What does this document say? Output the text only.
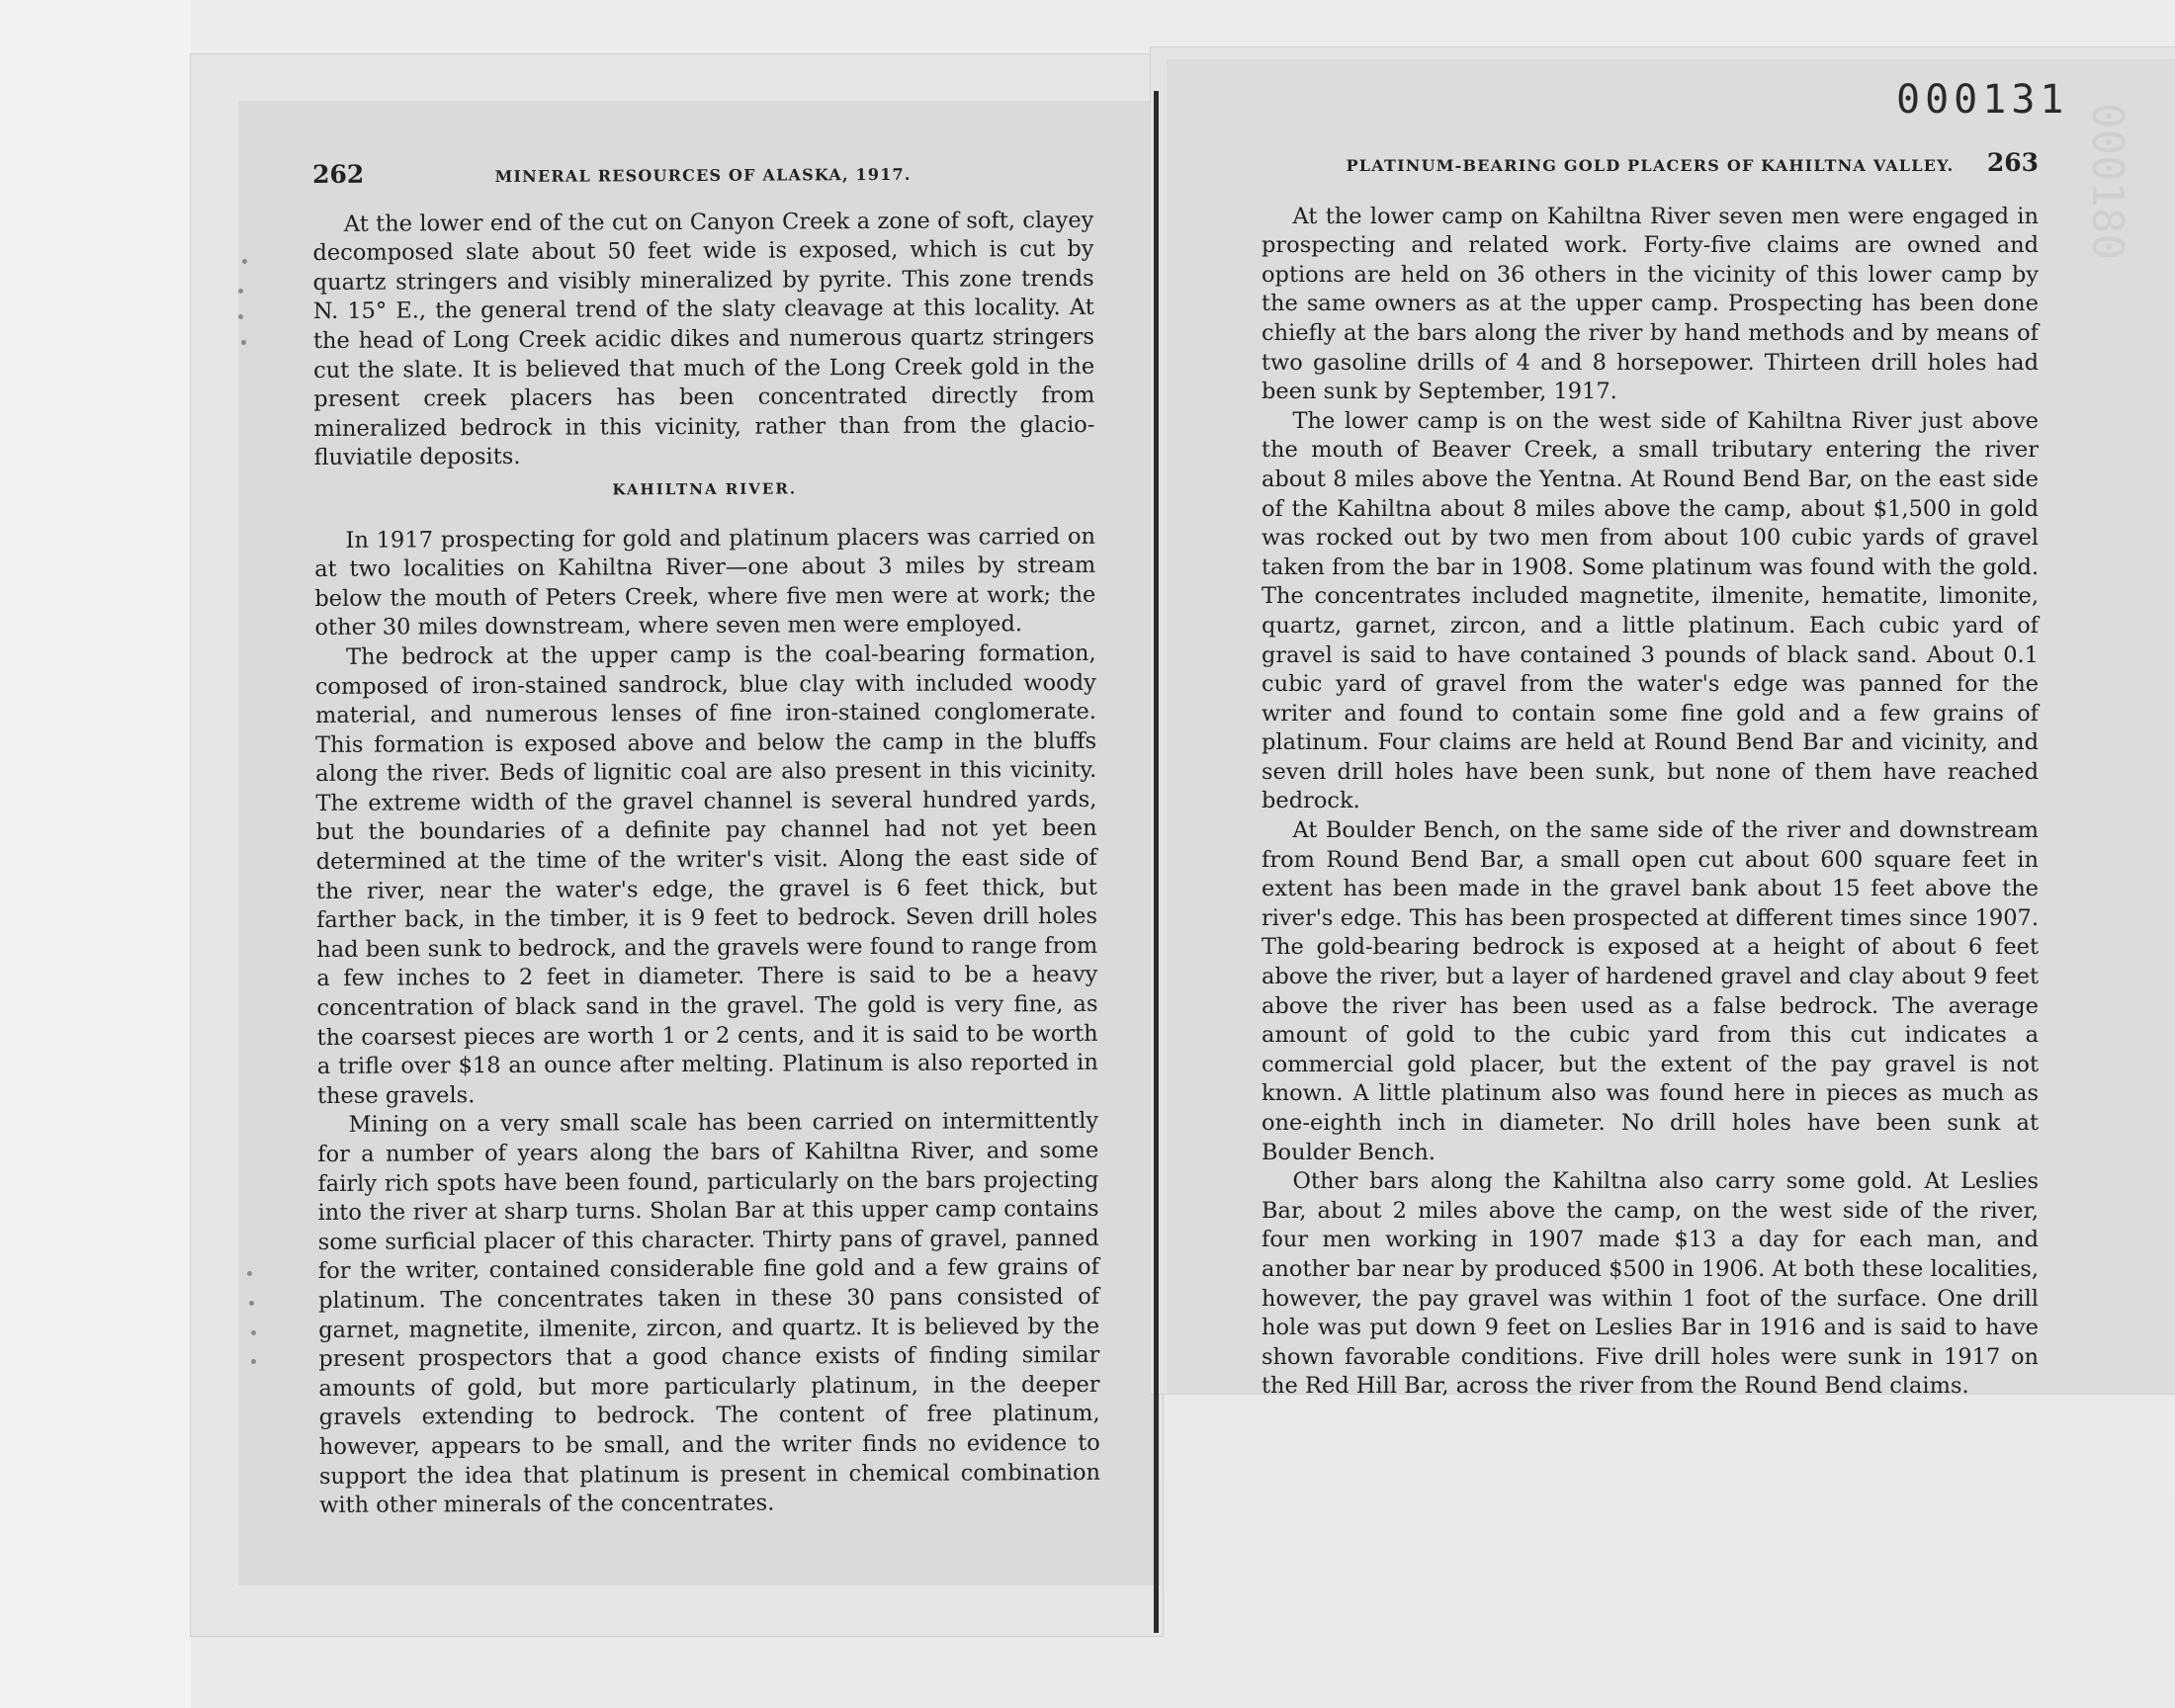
000131
000180
262	MINERAL RESOURCES OF ALASKA, 1917.

At the lower end of the cut on Canyon Creek a zone of soft, clayey decomposed slate about 50 feet wide is exposed, which is cut by quartz stringers and visibly mineralized by pyrite. This zone trends N. 15° E., the general trend of the slaty cleavage at this locality. At the head of Long Creek acidic dikes and numerous quartz stringers cut the slate. It is believed that much of the Long Creek gold in the present creek placers has been concentrated directly from mineralized bedrock in this vicinity, rather than from the glacio-fluviatile deposits.

KAHILTNA RIVER.

In 1917 prospecting for gold and platinum placers was carried on at two localities on Kahiltna River—one about 3 miles by stream below the mouth of Peters Creek, where five men were at work; the other 30 miles downstream, where seven men were employed.

The bedrock at the upper camp is the coal-bearing formation, composed of iron-stained sandrock, blue clay with included woody material, and numerous lenses of fine iron-stained conglomerate. This formation is exposed above and below the camp in the bluffs along the river. Beds of lignitic coal are also present in this vicinity. The extreme width of the gravel channel is several hundred yards, but the boundaries of a definite pay channel had not yet been determined at the time of the writer's visit. Along the east side of the river, near the water's edge, the gravel is 6 feet thick, but farther back, in the timber, it is 9 feet to bedrock. Seven drill holes had been sunk to bedrock, and the gravels were found to range from a few inches to 2 feet in diameter. There is said to be a heavy concentration of black sand in the gravel. The gold is very fine, as the coarsest pieces are worth 1 or 2 cents, and it is said to be worth a trifle over $18 an ounce after melting. Platinum is also reported in these gravels.

Mining on a very small scale has been carried on intermittently for a number of years along the bars of Kahiltna River, and some fairly rich spots have been found, particularly on the bars projecting into the river at sharp turns. Sholan Bar at this upper camp contains some surficial placer of this character. Thirty pans of gravel, panned for the writer, contained considerable fine gold and a few grains of platinum. The concentrates taken in these 30 pans consisted of garnet, magnetite, ilmenite, zircon, and quartz. It is believed by the present prospectors that a good chance exists of finding similar amounts of gold, but more particularly platinum, in the deeper gravels extending to bedrock. The content of free platinum, however, appears to be small, and the writer finds no evidence to support the idea that platinum is present in chemical combination with other minerals of the concentrates.

PLATINUM-BEARING GOLD PLACERS OF KAHILTNA VALLEY. 263

At the lower camp on Kahiltna River seven men were engaged in prospecting and related work. Forty-five claims are owned and options are held on 36 others in the vicinity of this lower camp by the same owners as at the upper camp. Prospecting has been done chiefly at the bars along the river by hand methods and by means of two gasoline drills of 4 and 8 horsepower. Thirteen drill holes had been sunk by September, 1917.

The lower camp is on the west side of Kahiltna River just above the mouth of Beaver Creek, a small tributary entering the river about 8 miles above the Yentna. At Round Bend Bar, on the east side of the Kahiltna about 8 miles above the camp, about $1,500 in gold was rocked out by two men from about 100 cubic yards of gravel taken from the bar in 1908. Some platinum was found with the gold. The concentrates included magnetite, ilmenite, hematite, limonite, quartz, garnet, zircon, and a little platinum. Each cubic yard of gravel is said to have contained 3 pounds of black sand. About 0.1 cubic yard of gravel from the water's edge was panned for the writer and found to contain some fine gold and a few grains of platinum. Four claims are held at Round Bend Bar and vicinity, and seven drill holes have been sunk, but none of them have reached bedrock.

At Boulder Bench, on the same side of the river and downstream from Round Bend Bar, a small open cut about 600 square feet in extent has been made in the gravel bank about 15 feet above the river's edge. This has been prospected at different times since 1907. The gold-bearing bedrock is exposed at a height of about 6 feet above the river, but a layer of hardened gravel and clay about 9 feet above the river has been used as a false bedrock. The average amount of gold to the cubic yard from this cut indicates a commercial gold placer, but the extent of the pay gravel is not known. A little platinum also was found here in pieces as much as one-eighth inch in diameter. No drill holes have been sunk at Boulder Bench.

Other bars along the Kahiltna also carry some gold. At Leslies Bar, about 2 miles above the camp, on the west side of the river, four men working in 1907 made $13 a day for each man, and another bar near by produced $500 in 1906. At both these localities, however, the pay gravel was within 1 foot of the surface. One drill hole was put down 9 feet on Leslies Bar in 1916 and is said to have shown favorable conditions. Five drill holes were sunk in 1917 on the Red Hill Bar, across the river from the Round Bend claims.
